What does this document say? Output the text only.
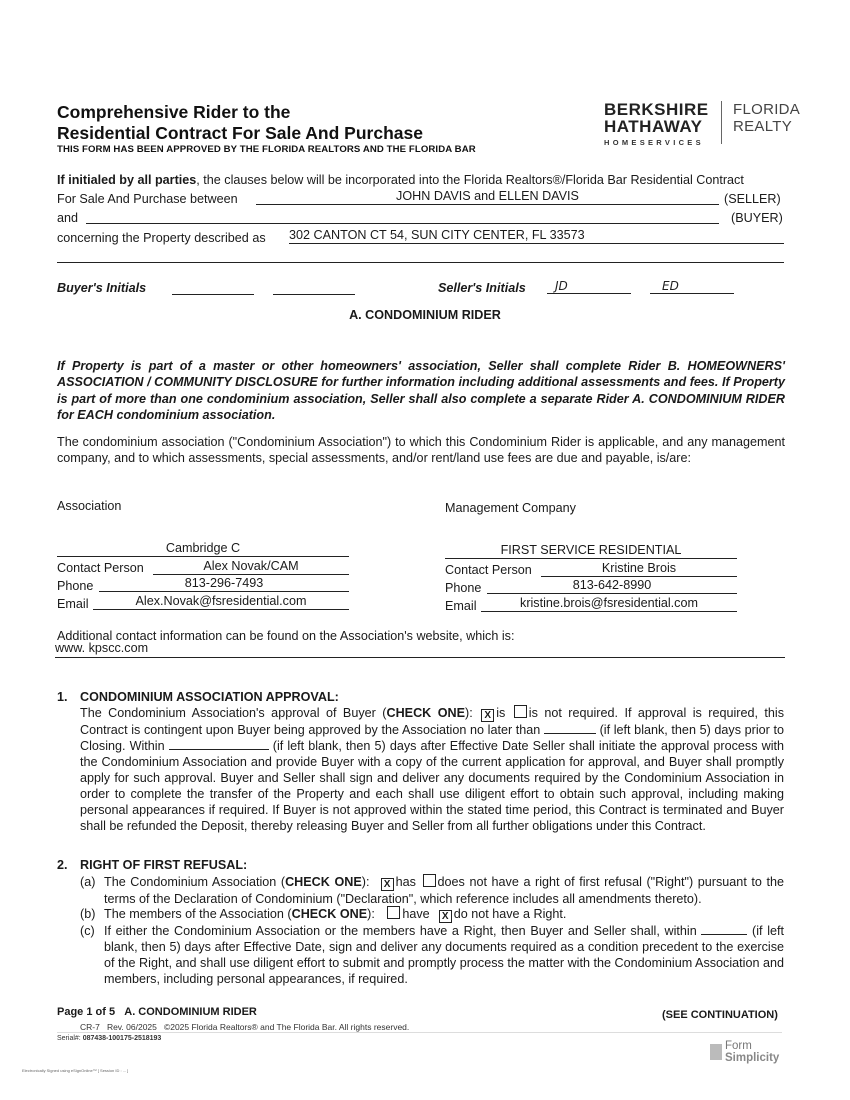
Comprehensive Rider to the
Residential Contract For Sale And Purchase
THIS FORM HAS BEEN APPROVED BY THE FLORIDA REALTORS AND THE FLORIDA BAR
BERKSHIRE
HATHAWAY
HOMESERVICES
FLORIDA
REALTY
If initialed by all parties, the clauses below will be incorporated into the Florida Realtors®/Florida Bar Residential Contract
For Sale And Purchase between	JOHN DAVIS and ELLEN DAVIS	(SELLER)
and	(BUYER)
concerning the Property described as 302 CANTON CT 54, SUN CITY CENTER, FL 33573
Buyer's Initials	Seller's Initials	JD	ED
A. CONDOMINIUM RIDER
If Property is part of a master or other homeowners' association, Seller shall complete Rider B. HOMEOWNERS' ASSOCIATION / COMMUNITY DISCLOSURE for further information including additional assessments and fees. If Property is part of more than one condominium association, Seller shall also complete a separate Rider A. CONDOMINIUM RIDER for EACH condominium association.
The condominium association ("Condominium Association") to which this Condominium Rider is applicable, and any management company, and to which assessments, special assessments, and/or rent/land use fees are due and payable, is/are:
Association
Cambridge C
Contact Person	Alex Novak/CAM
Phone	813-296-7493
Email	Alex.Novak@fsresidential.com
Management Company
FIRST SERVICE RESIDENTIAL
Contact Person	Kristine Brois
Phone	813-642-8990
Email	kristine.brois@fsresidential.com
Additional contact information can be found on the Association's website, which is:
www. kpscc.com
1. CONDOMINIUM ASSOCIATION APPROVAL:
The Condominium Association's approval of Buyer (CHECK ONE): X is is not required. If approval is required, this Contract is contingent upon Buyer being approved by the Association no later than	(if left blank, then 5) days prior to Closing. Within	(if left blank, then 5) days after Effective Date Seller shall initiate the approval process with the Condominium Association and provide Buyer with a copy of the current application for approval, and Buyer shall promptly apply for such approval. Buyer and Seller shall sign and deliver any documents required by the Condominium Association in order to complete the transfer of the Property and each shall use diligent effort to obtain such approval, including making personal appearances if required. If Buyer is not approved within the stated time period, this Contract is terminated and Buyer shall be refunded the Deposit, thereby releasing Buyer and Seller from all further obligations under this Contract.
2. RIGHT OF FIRST REFUSAL:
(a) The Condominium Association (CHECK ONE): X has does not have a right of first refusal ("Right") pursuant to the terms of the Declaration of Condominium ("Declaration", which reference includes all amendments thereto).
(b) The members of the Association (CHECK ONE): have X do not have a Right.
(c) If either the Condominium Association or the members have a Right, then Buyer and Seller shall, within	(if left blank, then 5) days after Effective Date, sign and deliver any documents required as a condition precedent to the exercise of the Right, and shall use diligent effort to submit and promptly process the matter with the Condominium Association and members, including personal appearances, if required.
Page 1 of 5 A. CONDOMINIUM RIDER	(SEE CONTINUATION)
CR-7 Rev. 06/2025 ©2025 Florida Realtors® and The Florida Bar. All rights reserved.
Serial#: 087438-100175-2518193
Form
Simplicity
Electronically Signed using eSignOnline™ [ Session ID : ... ]
